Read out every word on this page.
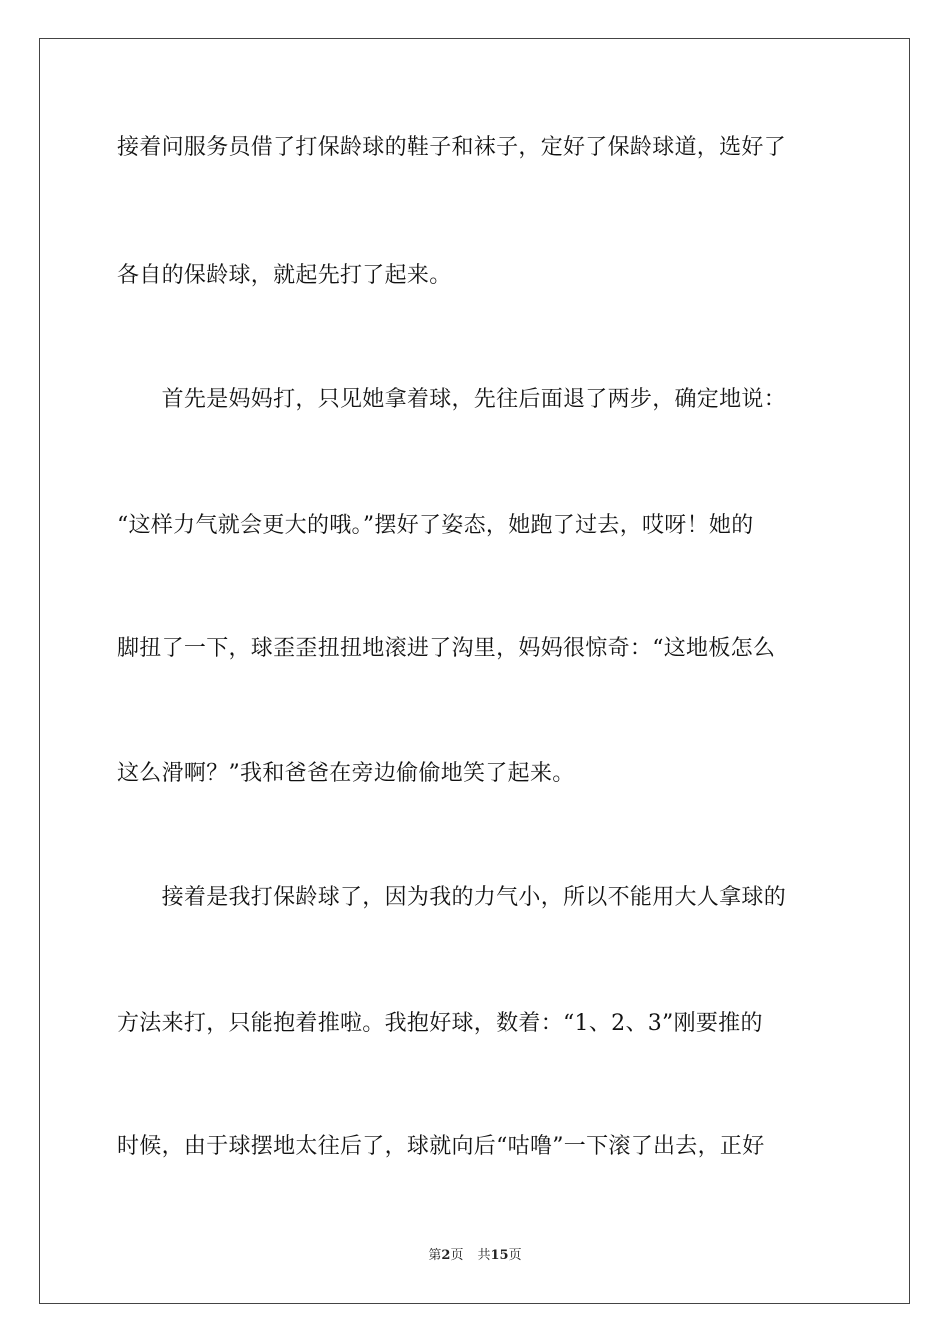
接着问服务员借了打保龄球的鞋子和袜子，定好了保龄球道，选好了
各自的保龄球，就起先打了起来。
　　首先是妈妈打，只见她拿着球，先往后面退了两步，确定地说：
“这样力气就会更大的哦。”摆好了姿态，她跑了过去，哎呀！她的
脚扭了一下，球歪歪扭扭地滚进了沟里，妈妈很惊奇：“这地板怎么
这么滑啊？”我和爸爸在旁边偷偷地笑了起来。
　　接着是我打保龄球了，因为我的力气小，所以不能用大人拿球的
方法来打，只能抱着推啦。我抱好球，数着：“1、2、3”刚要推的
时候，由于球摆地太往后了，球就向后“咕噜”一下滚了出去，正好
第2页 共15页
